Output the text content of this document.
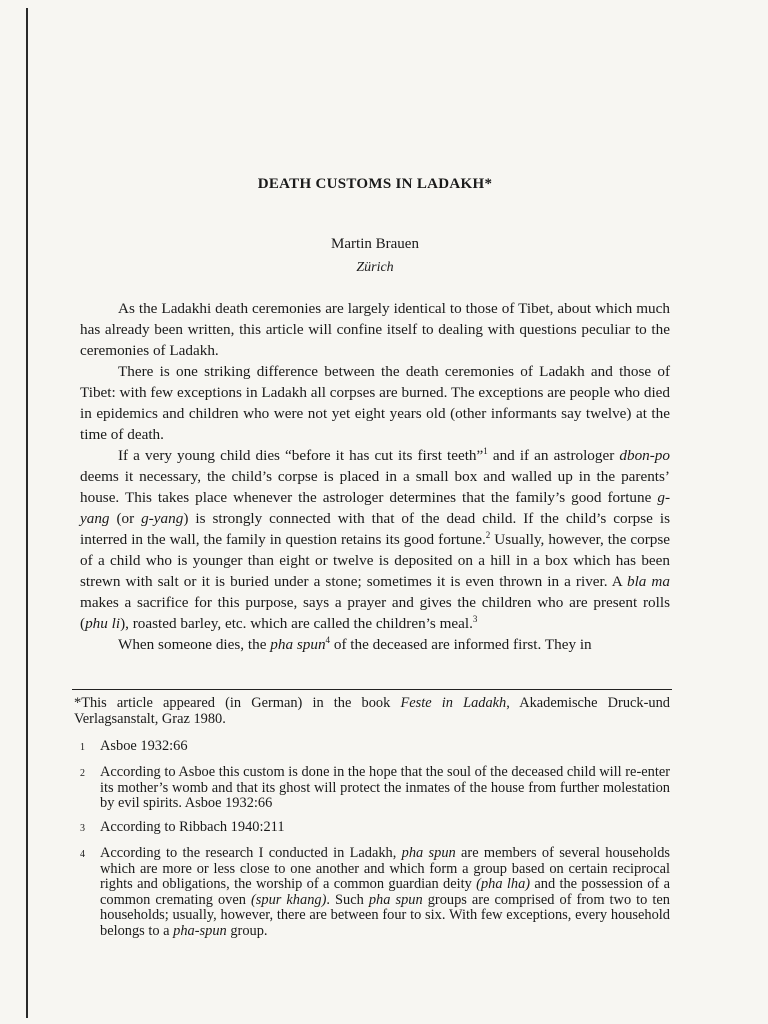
DEATH CUSTOMS IN LADAKH*
Martin Brauen
Zürich

As the Ladakhi death ceremonies are largely identical to those of Tibet, about which much has already been written, this article will confine itself to dealing with questions peculiar to the ceremonies of Ladakh.

There is one striking difference between the death ceremonies of Ladakh and those of Tibet: with few exceptions in Ladakh all corpses are burned. The exceptions are people who died in epidemics and children who were not yet eight years old (other informants say twelve) at the time of death.

If a very young child dies “before it has cut its first teeth”$^1$ and if an astrologer dbon-po deems it necessary, the child’s corpse is placed in a small box and walled up in the parents’ house. This takes place whenever the astrologer determines that the family’s good fortune g-yang (or g-yang) is strongly connected with that of the dead child. If the child’s corpse is interred in the wall, the family in question retains its good fortune.$^2$ Usually, however, the corpse of a child who is younger than eight or twelve is deposited on a hill in a box which has been strewn with salt or it is buried under a stone; sometimes it is even thrown in a river. A bla ma makes a sacrifice for this purpose, says a prayer and gives the children who are present rolls (phu li), roasted barley, etc. which are called the children’s meal.$^3$

When someone dies, the pha spun$^4$ of the deceased are informed first. They in

*This article appeared (in German) in the book Feste in Ladakh, Akademische Druck-und Verlagsanstalt, Graz 1980.
1	Asboe 1932:66
2	According to Asboe this custom is done in the hope that the soul of the deceased child will re-enter its mother’s womb and that its ghost will protect the inmates of the house from further molestation by evil spirits. Asboe 1932:66
3	According to Ribbach 1940:211
4	According to the research I conducted in Ladakh, pha spun are members of several households which are more or less close to one another and which form a group based on certain reciprocal rights and obligations, the worship of a common guardian deity (pha lha) and the possession of a common cremating oven (spur khang). Such pha spun groups are comprised of from two to ten households; usually, however, there are between four to six. With few exceptions, every household belongs to a pha-spun group.
